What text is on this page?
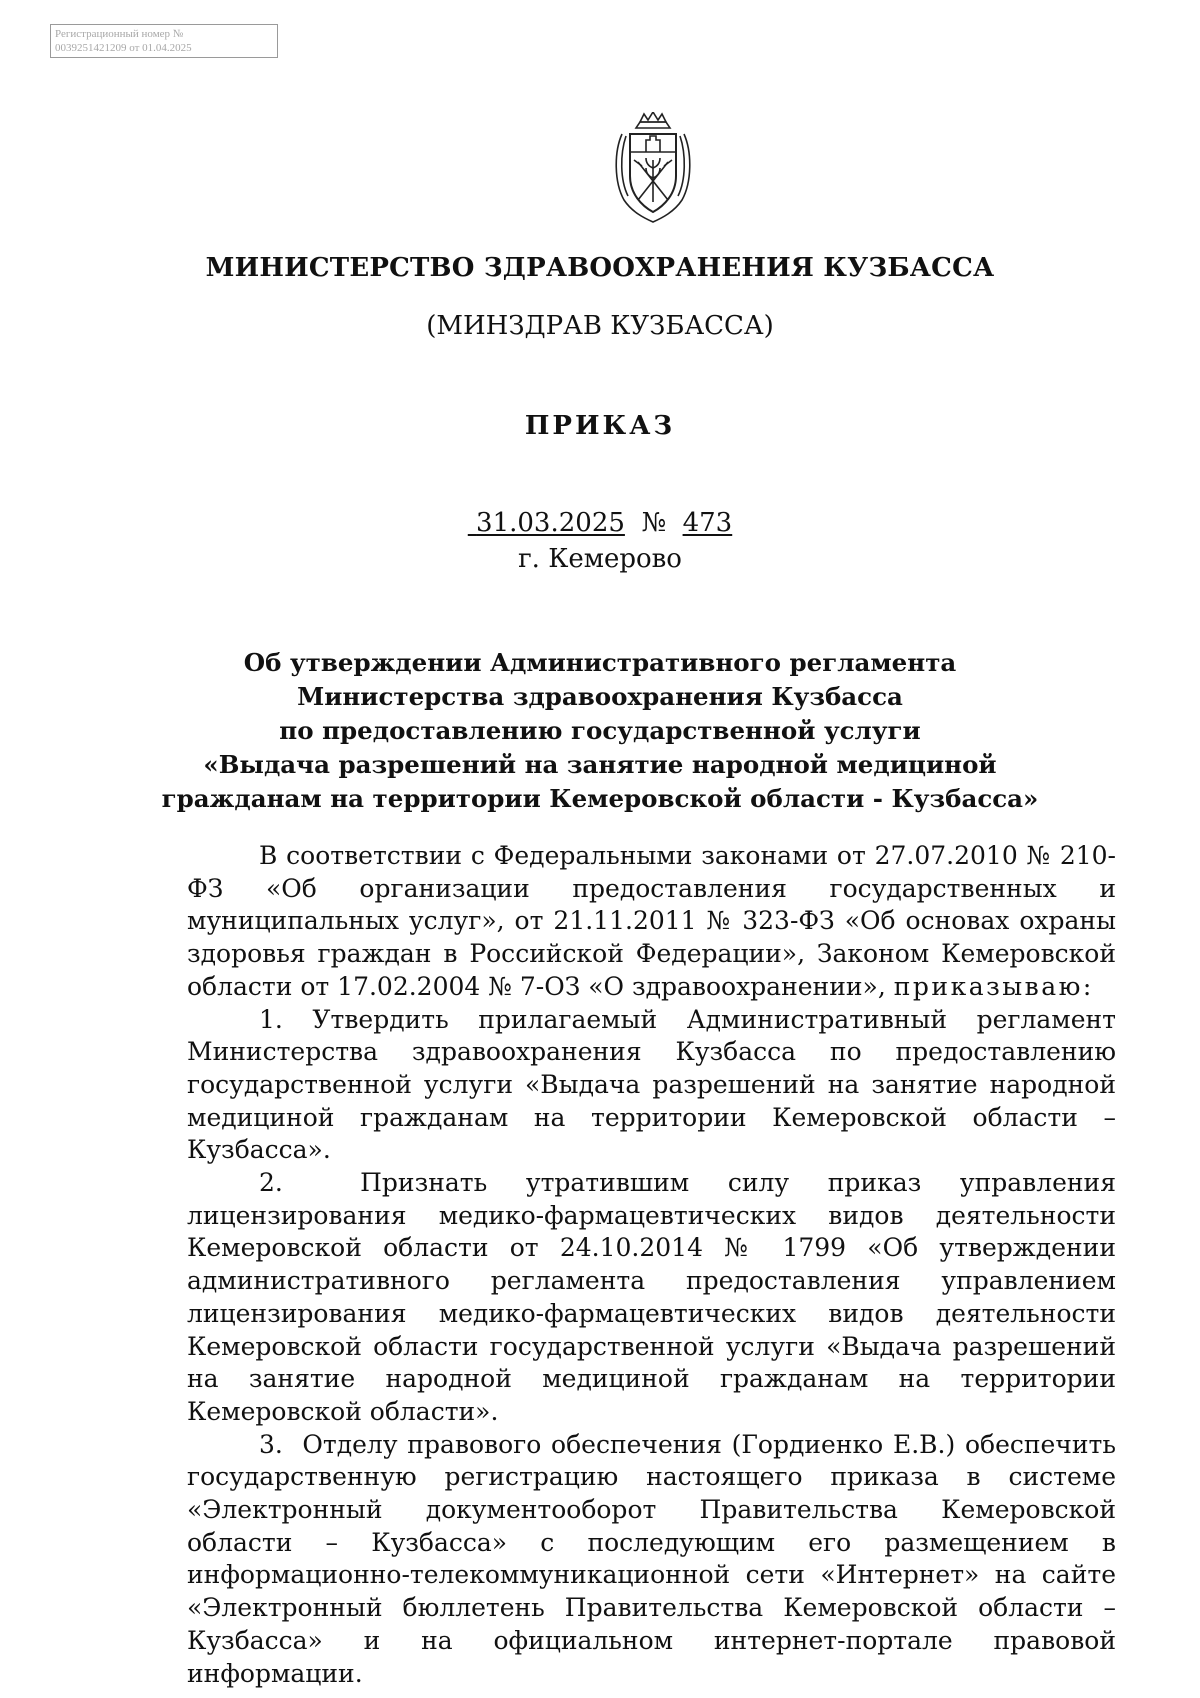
Регистрационный номер №
0039251421209 от 01.04.2025
МИНИСТЕРСТВО ЗДРАВООХРАНЕНИЯ КУЗБАССА
(МИНЗДРАВ КУЗБАССА)
ПРИКАЗ
31.03.2025 № 473
г. Кемерово
Об утверждении Административного регламента
Министерства здравоохранения Кузбасса
по предоставлению государственной услуги
«Выдача разрешений на занятие народной медициной
гражданам на территории Кемеровской области - Кузбасса»

В соответствии с Федеральными законами от 27.07.2010 № 210-ФЗ «Об организации предоставления государственных и муниципальных услуг», от 21.11.2011 № 323-ФЗ «Об основах охраны здоровья граждан в Российской Федерации», Законом Кемеровской области от 17.02.2004 № 7-ОЗ «О здравоохранении», приказываю:

1. Утвердить прилагаемый Административный регламент Министерства здравоохранения Кузбасса по предоставлению государственной услуги «Выдача разрешений на занятие народной медициной гражданам на территории Кемеровской области – Кузбасса».

2.	Признать утратившим силу приказ управления лицензирования медико-фармацевтических видов деятельности Кемеровской области от 24.10.2014 № 1799 «Об утверждении административного регламента предоставления управлением лицензирования медико-фармацевтических видов деятельности Кемеровской области государственной услуги «Выдача разрешений на занятие народной медициной гражданам на территории Кемеровской области».

3. Отделу правового обеспечения (Гордиенко Е.В.) обеспечить государственную регистрацию настоящего приказа в системе «Электронный документооборот Правительства Кемеровской области – Кузбасса» с последующим его размещением в информационно-телекоммуникационной сети «Интернет» на сайте «Электронный бюллетень Правительства Кемеровской области – Кузбасса» и на официальном интернет-портале правовой информации.
